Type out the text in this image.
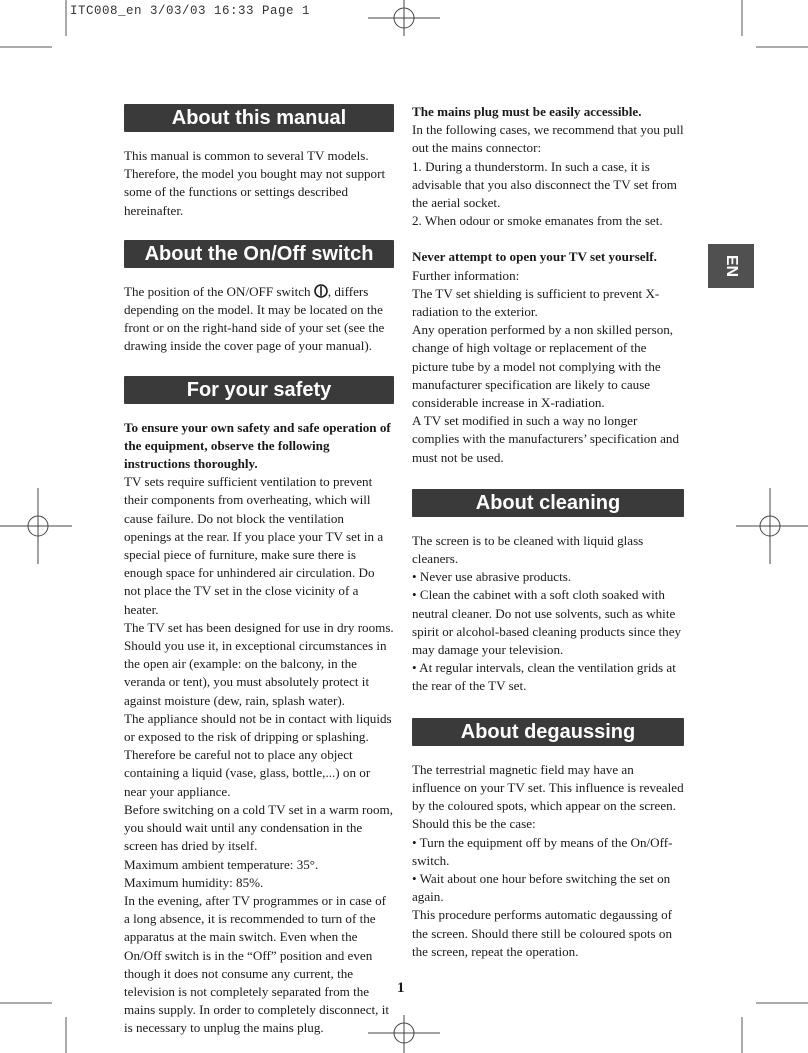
ITC008_en 3/03/03 16:33 Page 1
EN
About this manual

This manual is common to several TV models. Therefore, the model you bought may not support some of the functions or settings described hereinafter.

About the On/Off switch

The position of the ON/OFF switch , differs depending on the model. It may be located on the front or on the right-hand side of your set (see the drawing inside the cover page of your manual).

For your safety

To ensure your own safety and safe operation of the equipment, observe the following instructions thoroughly.

TV sets require sufficient ventilation to prevent their components from overheating, which will cause failure. Do not block the ventilation openings at the rear. If you place your TV set in a special piece of furniture, make sure there is enough space for unhindered air circulation. Do not place the TV set in the close vicinity of a heater.

The TV set has been designed for use in dry rooms. Should you use it, in exceptional circumstances in the open air (example: on the balcony, in the veranda or tent), you must absolutely protect it against moisture (dew, rain, splash water).

The appliance should not be in contact with liquids or exposed to the risk of dripping or splashing. Therefore be careful not to place any object containing a liquid (vase, glass, bottle,...) on or near your appliance.

Before switching on a cold TV set in a warm room, you should wait until any condensation in the screen has dried by itself.

Maximum ambient temperature: 35°.

Maximum humidity: 85%.

In the evening, after TV programmes or in case of a long absence, it is recommended to turn of the apparatus at the main switch. Even when the On/Off switch is in the “Off” position and even though it does not consume any current, the television is not completely separated from the mains supply. In order to completely disconnect, it is necessary to unplug the mains plug.

The mains plug must be easily accessible.

In the following cases, we recommend that you pull out the mains connector:

1. During a thunderstorm. In such a case, it is advisable that you also disconnect the TV set from the aerial socket.

2. When odour or smoke emanates from the set.

Never attempt to open your TV set yourself.

Further information:

The TV set shielding is sufficient to prevent X-radiation to the exterior.

Any operation performed by a non skilled person, change of high voltage or replacement of the picture tube by a model not complying with the manufacturer specification are likely to cause considerable increase in X-radiation.

A TV set modified in such a way no longer complies with the manufacturers’ specification and must not be used.

About cleaning

The screen is to be cleaned with liquid glass cleaners.

• Never use abrasive products.

• Clean the cabinet with a soft cloth soaked with neutral cleaner. Do not use solvents, such as white spirit or alcohol-based cleaning products since they may damage your television.

• At regular intervals, clean the ventilation grids at the rear of the TV set.

About degaussing

The terrestrial magnetic field may have an influence on your TV set. This influence is revealed by the coloured spots, which appear on the screen.

Should this be the case:

• Turn the equipment off by means of the On/Off-switch.

• Wait about one hour before switching the set on again.

This procedure performs automatic degaussing of the screen. Should there still be coloured spots on the screen, repeat the operation.

1
